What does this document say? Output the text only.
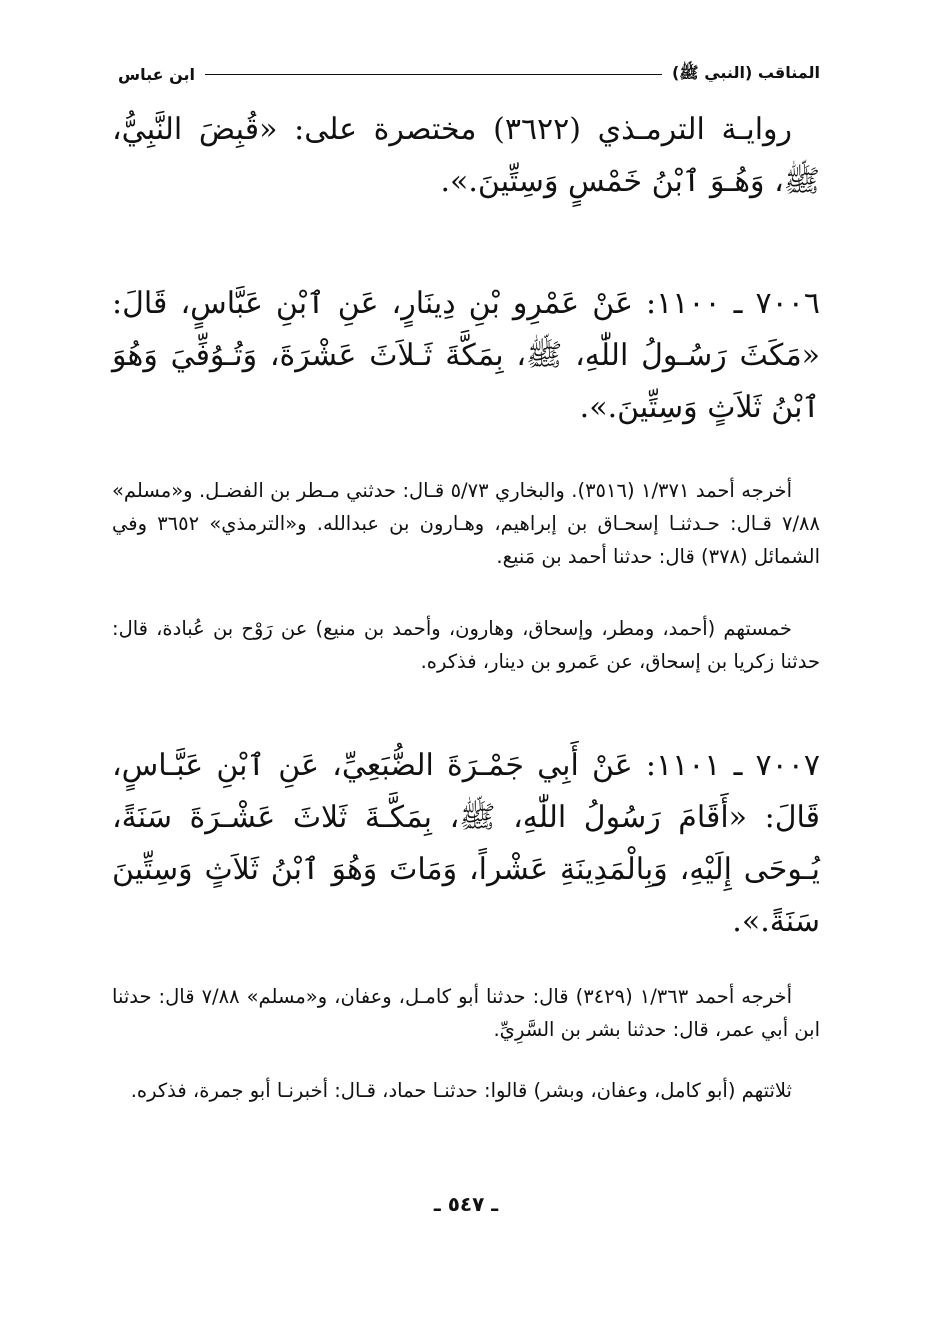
المناقب (النبي ﷺ)
ابن عباس
روايـة الترمـذي (٣٦٢٢) مختصرة على: «قُبِضَ النَّبِيُّ، ﷺ، وَهُـوَ ٱبْنُ خَمْسٍ وَسِتِّينَ.».
٧٠٠٦ ـ ١١٠٠: عَنْ عَمْرِو بْنِ دِينَارٍ، عَنِ ٱبْنِ عَبَّاسٍ، قَالَ: «مَكَثَ رَسُـولُ اللّٰهِ، ﷺ، بِمَكَّةَ ثَـلاَثَ عَشْرَةَ، وَتُـوُفِّيَ وَهُوَ ٱبْنُ ثَلاَثٍ وَسِتِّينَ.».
أخرجه أحمد ١/٣٧١ (٣٥١٦). والبخاري ٥/٧٣ قـال: حدثني مـطر بن الفضـل. و«مسلم» ٧/٨٨ قـال: حـدثنـا إسحـاق بن إبراهيم، وهـارون بن عبدالله. و«الترمذي» ٣٦٥٢ وفي الشمائل (٣٧٨) قال: حدثنا أحمد بن مَنيع.
خمستهم (أحمد، ومطر، وإسحاق، وهارون، وأحمد بن منيع) عن رَوْح بن عُبادة، قال: حدثنا زكريا بن إسحاق، عن عَمرو بن دينار، فذكره.
٧٠٠٧ ـ ١١٠١: عَنْ أَبِي جَمْـرَةَ الضُّبَعِيِّ، عَنِ ٱبْنِ عَبَّـاسٍ، قَالَ: «أَقَامَ رَسُولُ اللّٰهِ، ﷺ، بِمَكَّـةَ ثَلاثَ عَشْـرَةَ سَنَةً، يُـوحَى إِلَيْهِ، وَبِالْمَدِينَةِ عَشْراً، وَمَاتَ وَهُوَ ٱبْنُ ثَلاَثٍ وَسِتِّينَ سَنَةً.».
أخرجه أحمد ١/٣٦٣ (٣٤٢٩) قال: حدثنا أبو كامـل، وعفان، و«مسلم» ٧/٨٨ قال: حدثنا ابن أبي عمر، قال: حدثنا بشر بن السَّرِيِّ.
ثلاثتهم (أبو كامل، وعفان، وبشر) قالوا: حدثنـا حماد، قـال: أخبرنـا أبو جمرة، فذكره.
ـ ٥٤٧ ـ
